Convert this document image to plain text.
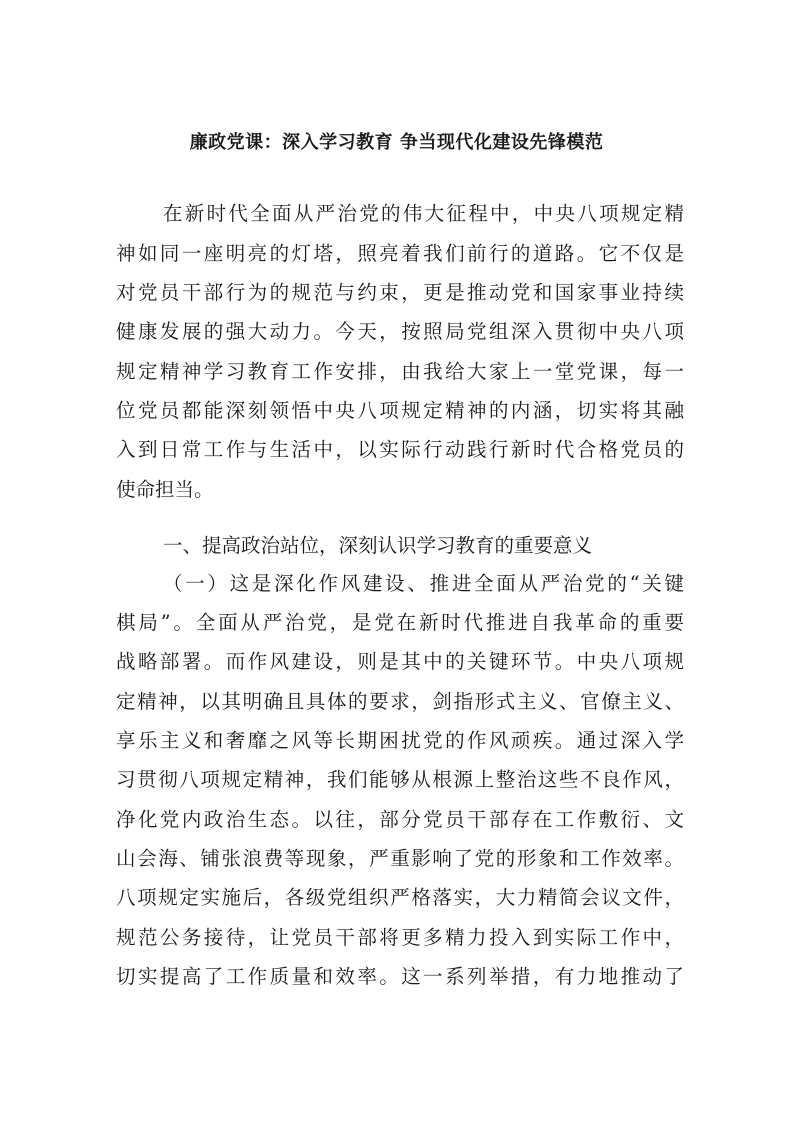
廉政党课：深入学习教育 争当现代化建设先锋模范
在新时代全面从严治党的伟大征程中，中央八项规定精
神如同一座明亮的灯塔，照亮着我们前行的道路。它不仅是
对党员干部行为的规范与约束，更是推动党和国家事业持续
健康发展的强大动力。今天，按照局党组深入贯彻中央八项
规定精神学习教育工作安排，由我给大家上一堂党课，每一
位党员都能深刻领悟中央八项规定精神的内涵，切实将其融
入到日常工作与生活中，以实际行动践行新时代合格党员的
使命担当。
一、提高政治站位，深刻认识学习教育的重要意义
（一）这是深化作风建设、推进全面从严治党的“关键
棋局”。全面从严治党，是党在新时代推进自我革命的重要
战略部署。而作风建设，则是其中的关键环节。中央八项规
定精神，以其明确且具体的要求，剑指形式主义、官僚主义、
享乐主义和奢靡之风等长期困扰党的作风顽疾。通过深入学
习贯彻八项规定精神，我们能够从根源上整治这些不良作风，
净化党内政治生态。以往，部分党员干部存在工作敷衍、文
山会海、铺张浪费等现象，严重影响了党的形象和工作效率。
八项规定实施后，各级党组织严格落实，大力精简会议文件，
规范公务接待，让党员干部将更多精力投入到实际工作中，
切实提高了工作质量和效率。这一系列举措，有力地推动了
